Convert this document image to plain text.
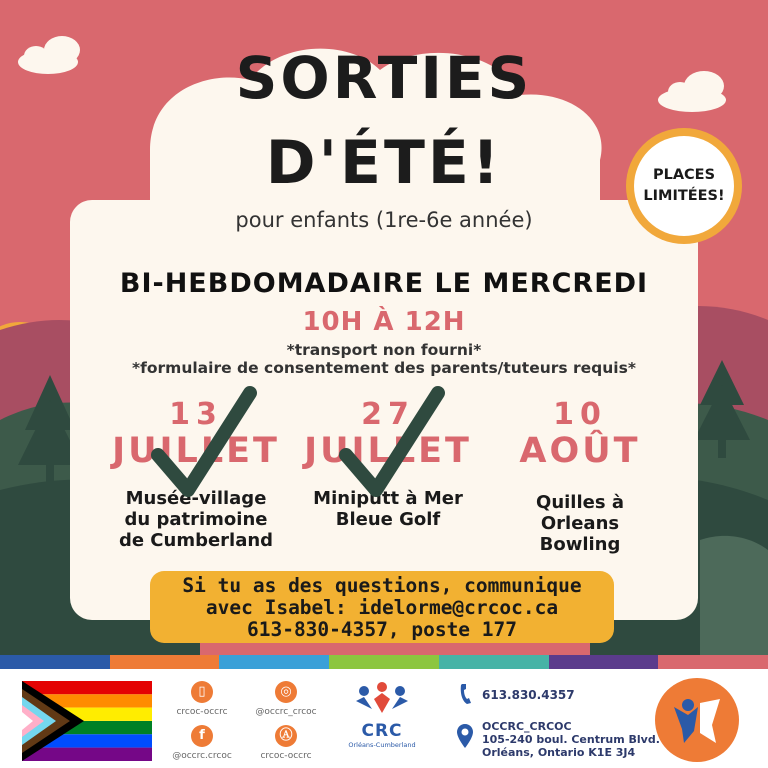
SORTIES
D'ÉTÉ!
pour enfants (1re-6e année)
PLACES
LIMITÉES!
BI-HEBDOMADAIRE LE MERCREDI
10H À 12H
*transport non fourni*
*formulaire de consentement des parents/tuteurs requis*
13
JUILLET
Musée-village
du patrimoine
de Cumberland
27
JUILLET
Miniputt à Mer
Bleue Golf
10
AOÛT
Quilles à
Orleans
Bowling
Si tu as des questions, communique
avec Isabel: idelorme@crcoc.ca
613-830-4357, poste 177
▯
crcoc-occrc
◎
@occrc_crcoc
f
@occrc.crcoc
Ⓐ
crcoc-occrc
CRC
Orléans-Cumberland
613.830.4357
OCCRC_CRCOC
105-240 boul. Centrum Blvd.
Orléans, Ontario K1E 3J4
